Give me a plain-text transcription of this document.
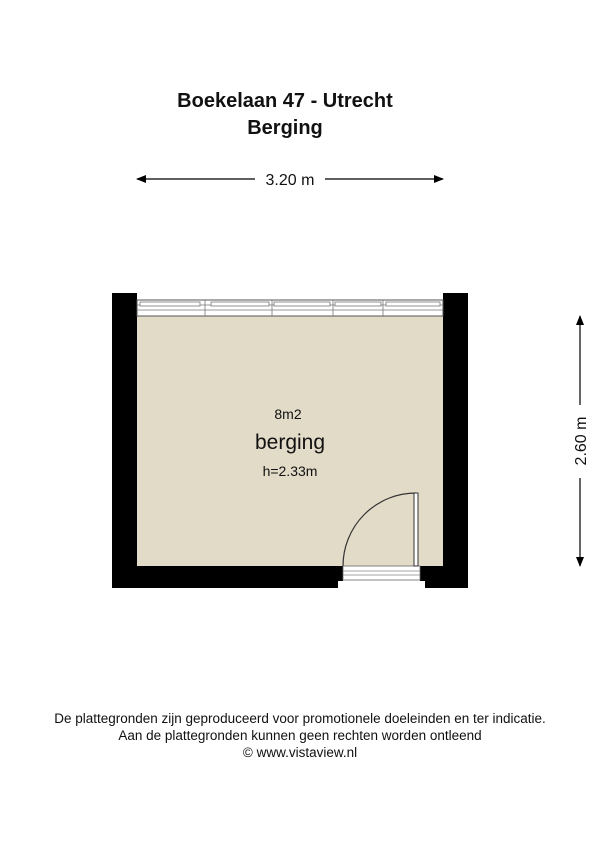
Boekelaan 47 - Utrecht
Berging
3.20 m
2.60 m
8m2
berging
h=2.33m
De plattegronden zijn geproduceerd voor promotionele doeleinden en ter indicatie.
Aan de plattegronden kunnen geen rechten worden ontleend
© www.vistaview.nl
